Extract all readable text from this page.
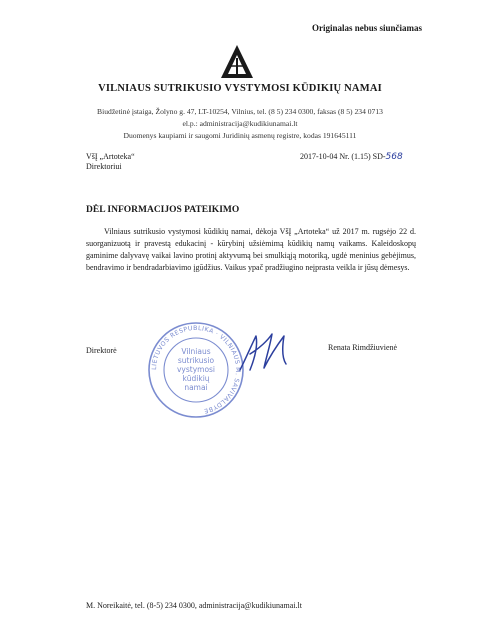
Originalas nebus siunčiamas
VILNIAUS SUTRIKUSIO VYSTYMOSI KŪDIKIŲ NAMAI
Biudžetinė įstaiga, Žolyno g. 47, LT-10254, Vilnius, tel. (8 5) 234 0300, faksas (8 5) 234 0713
el.p.: administracija@kudikiunamai.lt
Duomenys kaupiami ir saugomi Juridinių asmenų registre, kodas 191645111
VšĮ „Artoteka“
Direktoriui
2017-10-04 Nr. (1.15) SD-568
DĖL INFORMACIJOS PATEIKIMO

Vilniaus sutrikusio vystymosi kūdikių namai, dėkoja VšĮ „Artoteka“ už 2017 m. rugsėjo 22 d. suorganizuotą ir pravestą edukacinį - kūrybinį užsiėmimą kūdikių namų vaikams. Kaleidoskopų gaminime dalyvavę vaikai lavino protinį aktyvumą bei smulkiąją motoriką, ugdė meninius gebėjimus, bendravimo ir bendradarbiavimo įgūdžius. Vaikus ypač pradžiugino neįprasta veikla ir jūsų dėmesys.

Direktorė	Renata Rimdžiuvienė
LIETUVOS RESPUBLIKA · VILNIAUS M. SAVIVALDYBĖ
Vilniaus
sutrikusio
vystymosi
kūdikių
namai
M. Noreikaitė, tel. (8-5) 234 0300, administracija@kudikiunamai.lt
